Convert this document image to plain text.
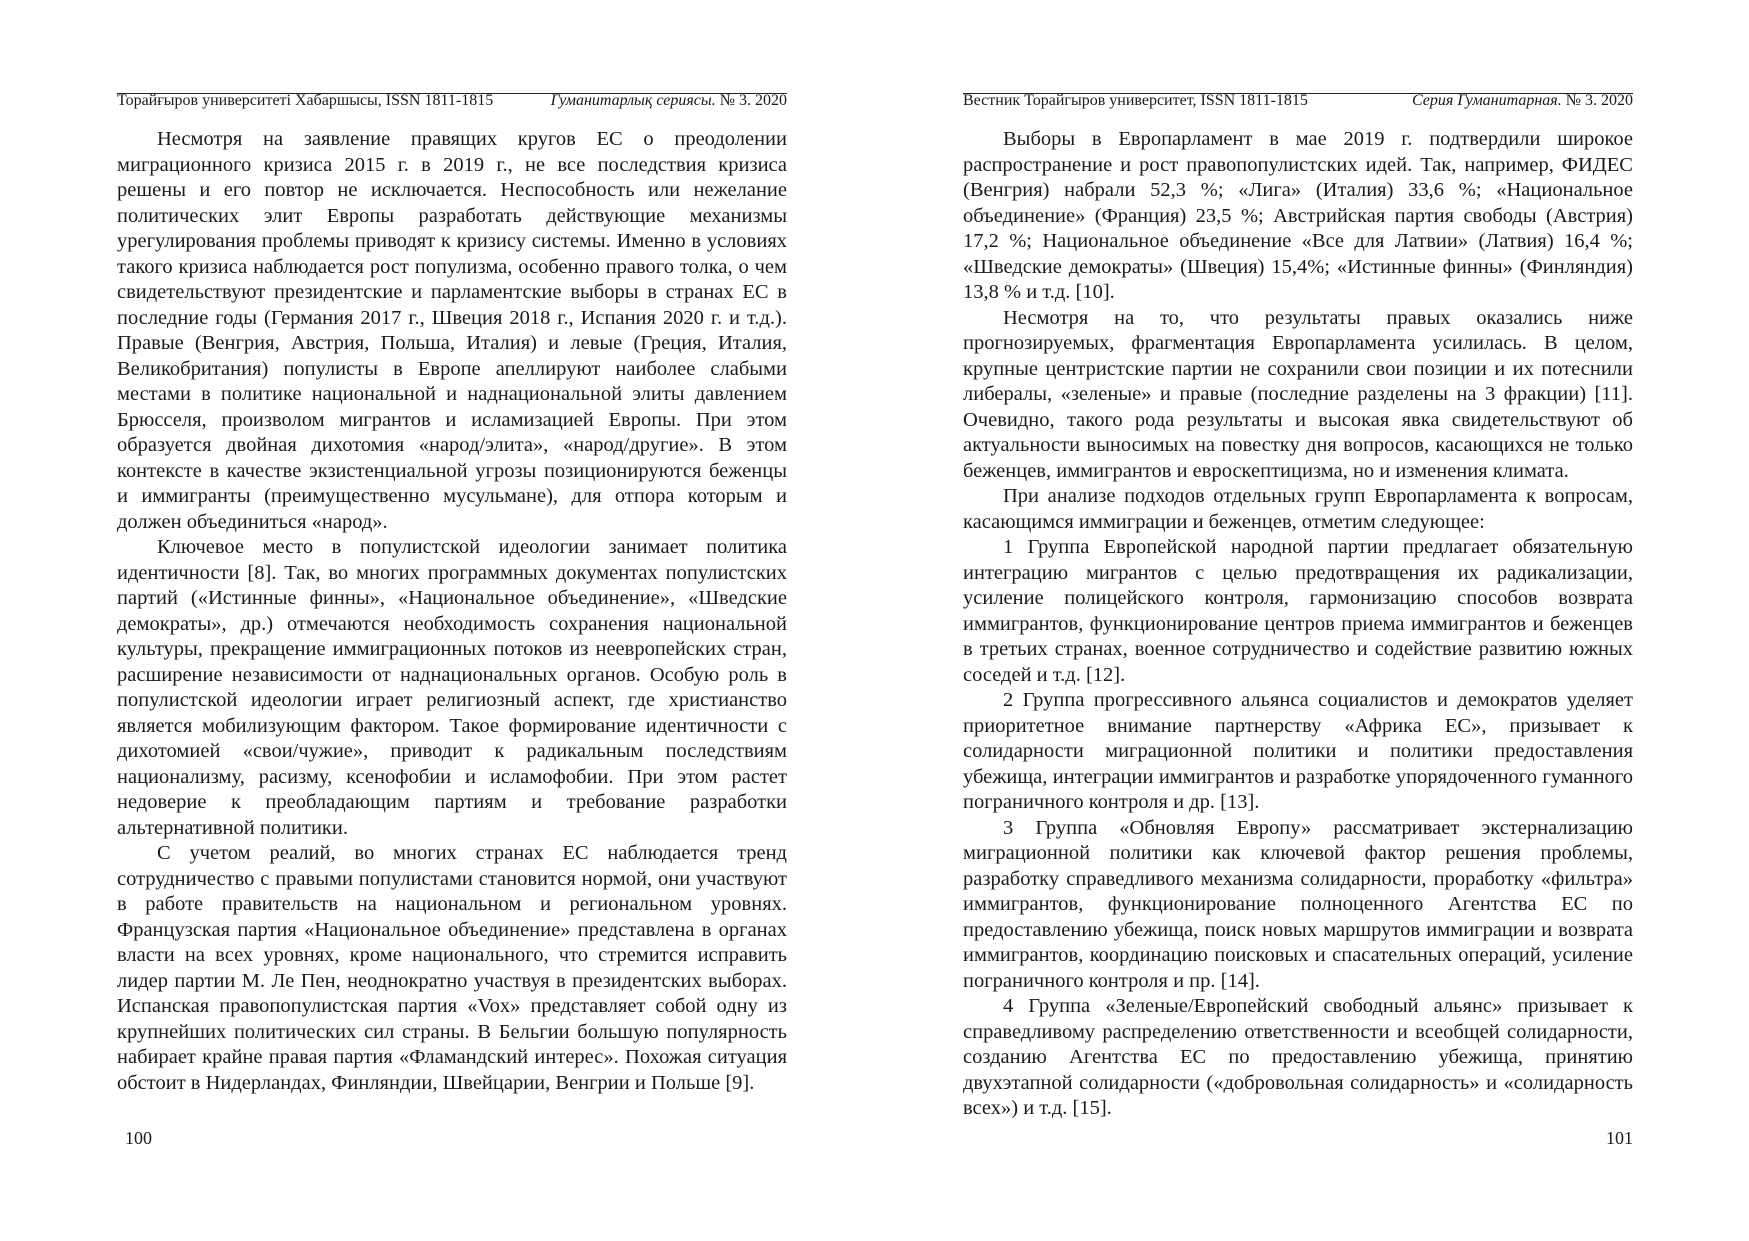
Торайғыров университеті Хабаршысы, ISSN 1811-1815	Гуманитарлық сериясы. № 3. 2020

Несмотря на заявление правящих кругов ЕС о преодолении миграционного кризиса 2015 г. в 2019 г., не все последствия кризиса решены и его повтор не исключается. Неспособность или нежелание политических элит Европы разработать действующие механизмы урегулирования проблемы приводят к кризису системы. Именно в условиях такого кризиса наблюдается рост популизма, особенно правого толка, о чем свидетельствуют президентские и парламентские выборы в странах ЕС в последние годы (Германия 2017 г., Швеция 2018 г., Испания 2020 г. и т.д.). Правые (Венгрия, Австрия, Польша, Италия) и левые (Греция, Италия, Великобритания) популисты в Европе апеллируют наиболее слабыми местами в политике национальной и наднациональной элиты давлением Брюсселя, произволом мигрантов и исламизацией Европы. При этом образуется двойная дихотомия «народ/элита», «народ/другие». В этом контексте в качестве экзистенциальной угрозы позиционируются беженцы и иммигранты (преимущественно мусульмане), для отпора которым и должен объединиться «народ».

Ключевое место в популистской идеологии занимает политика идентичности [8]. Так, во многих программных документах популистских партий («Истинные финны», «Национальное объединение», «Шведские демократы», др.) отмечаются необходимость сохранения национальной культуры, прекращение иммиграционных потоков из неевропейских стран, расширение независимости от наднациональных органов. Особую роль в популистской идеологии играет религиозный аспект, где христианство является мобилизующим фактором. Такое формирование идентичности с дихотомией «свои/чужие», приводит к радикальным последствиям национализму, расизму, ксенофобии и исламофобии. При этом растет недоверие к преобладающим партиям и требование разработки альтернативной политики.

С учетом реалий, во многих странах ЕС наблюдается тренд сотрудничество с правыми популистами становится нормой, они участвуют в работе правительств на национальном и региональном уровнях. Французская партия «Национальное объединение» представлена в органах власти на всех уровнях, кроме национального, что стремится исправить лидер партии М. Ле Пен, неоднократно участвуя в президентских выборах. Испанская правопопулистская партия «Vox» представляет собой одну из крупнейших политических сил страны. В Бельгии большую популярность набирает крайне правая партия «Фламандский интерес». Похожая ситуация обстоит в Нидерландах, Финляндии, Швейцарии, Венгрии и Польше [9].

100
Вестник Торайгыров университет, ISSN 1811-1815	Серия Гуманитарная. № 3. 2020

Выборы в Европарламент в мае 2019 г. подтвердили широкое распространение и рост правопопулистских идей. Так, например, ФИДЕС (Венгрия) набрали 52,3 %; «Лига» (Италия) 33,6 %; «Национальное объединение» (Франция) 23,5 %; Австрийская партия свободы (Австрия) 17,2 %; Национальное объединение «Все для Латвии» (Латвия) 16,4 %; «Шведские демократы» (Швеция) 15,4%; «Истинные финны» (Финляндия) 13,8 % и т.д. [10].

Несмотря на то, что результаты правых оказались ниже прогнозируемых, фрагментация Европарламента усилилась. В целом, крупные центристские партии не сохранили свои позиции и их потеснили либералы, «зеленые» и правые (последние разделены на 3 фракции) [11]. Очевидно, такого рода результаты и высокая явка свидетельствуют об актуальности выносимых на повестку дня вопросов, касающихся не только беженцев, иммигрантов и евроскептицизма, но и изменения климата.

При анализе подходов отдельных групп Европарламента к вопросам, касающимся иммиграции и беженцев, отметим следующее:

1 Группа Европейской народной партии предлагает обязательную интеграцию мигрантов с целью предотвращения их радикализации, усиление полицейского контроля, гармонизацию способов возврата иммигрантов, функционирование центров приема иммигрантов и беженцев в третьих странах, военное сотрудничество и содействие развитию южных соседей и т.д. [12].

2 Группа прогрессивного альянса социалистов и демократов уделяет приоритетное внимание партнерству «Африка ЕС», призывает к солидарности миграционной политики и политики предоставления убежища, интеграции иммигрантов и разработке упорядоченного гуманного пограничного контроля и др. [13].

3 Группа «Обновляя Европу» рассматривает экстернализацию миграционной политики как ключевой фактор решения проблемы, разработку справедливого механизма солидарности, проработку «фильтра» иммигрантов, функционирование полноценного Агентства ЕС по предоставлению убежища, поиск новых маршрутов иммиграции и возврата иммигрантов, координацию поисковых и спасательных операций, усиление пограничного контроля и пр. [14].

4 Группа «Зеленые/Европейский свободный альянс» призывает к справедливому распределению ответственности и всеобщей солидарности, созданию Агентства ЕС по предоставлению убежища, принятию двухэтапной солидарности («добровольная солидарность» и «солидарность всех») и т.д. [15].

101
